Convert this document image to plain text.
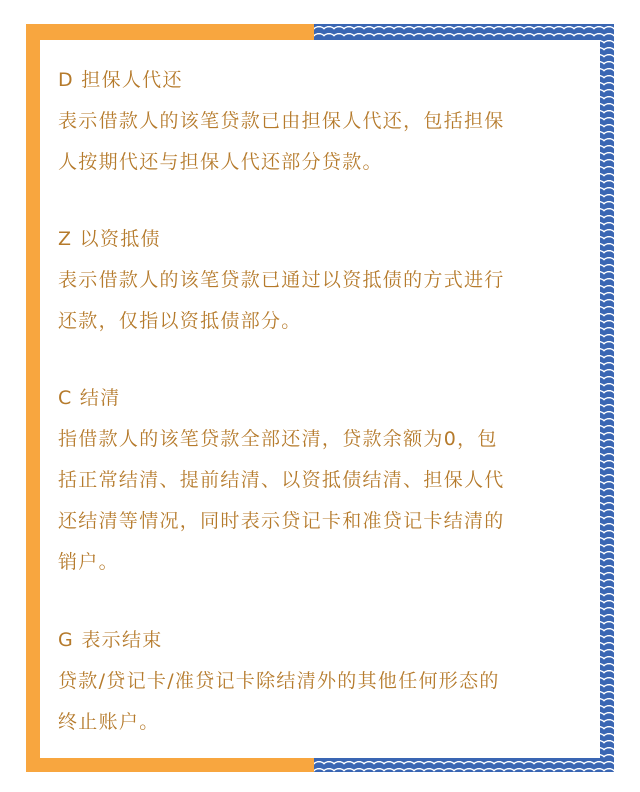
D 担保人代还
表示借款人的该笔贷款已由担保人代还，包括担保
人按期代还与担保人代还部分贷款。
Z 以资抵债
表示借款人的该笔贷款已通过以资抵债的方式进行
还款，仅指以资抵债部分。
C 结清
指借款人的该笔贷款全部还清，贷款余额为0，包
括正常结清、提前结清、以资抵债结清、担保人代
还结清等情况，同时表示贷记卡和准贷记卡结清的
销户。
G 表示结束
贷款/贷记卡/准贷记卡除结清外的其他任何形态的
终止账户。
